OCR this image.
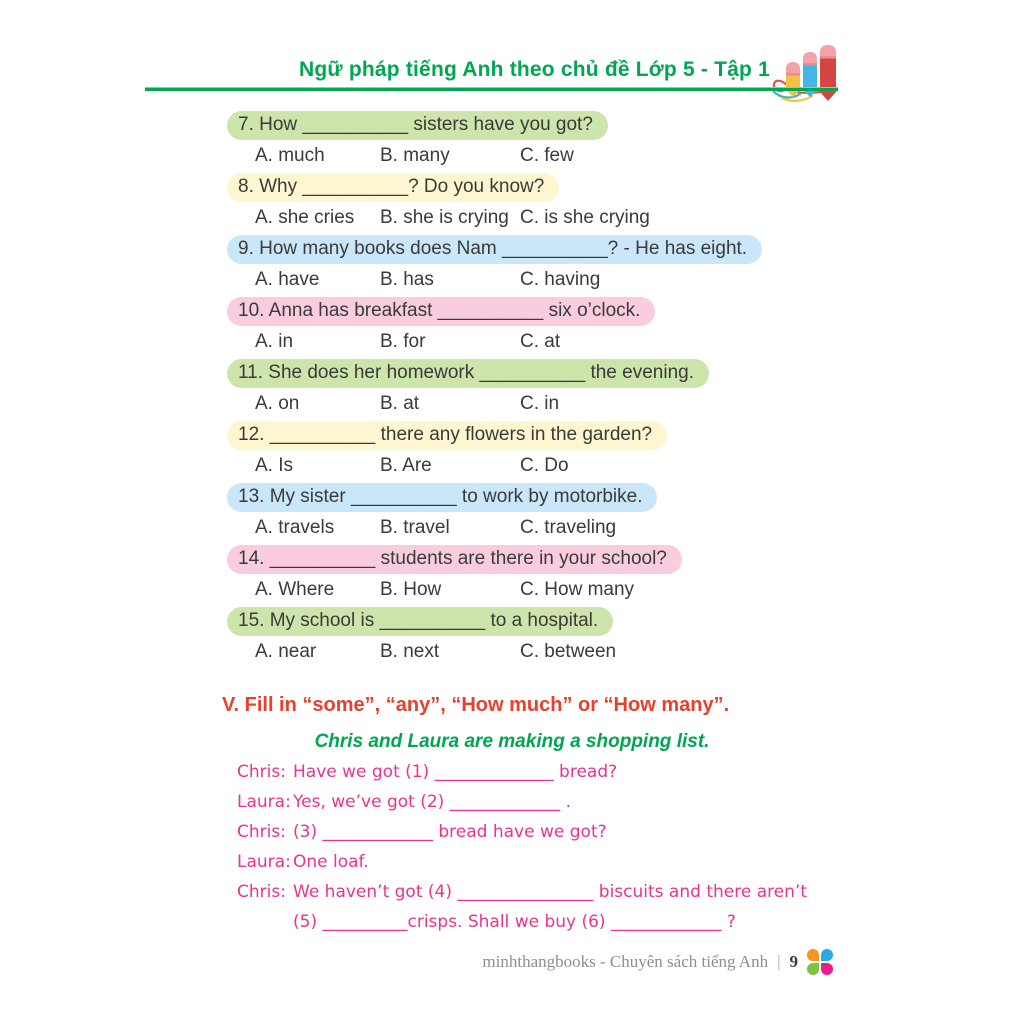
Ngữ pháp tiếng Anh theo chủ đề Lớp 5 - Tập 1
7. How __________ sisters have you got?
A. much	B. many	C. few
8. Why __________? Do you know?
A. she cries	B. she is crying C. is she crying
9. How many books does Nam __________? - He has eight.
A. have	B. has	C. having
10. Anna has breakfast __________ six o’clock.
A. in	B. for	C. at
11. She does her homework __________ the evening.
A. on	B. at	C. in
12. __________ there any flowers in the garden?
A. Is	B. Are	C. Do
13. My sister __________ to work by motorbike.
A. travels	B. travel	C. traveling
14. __________ students are there in your school?
A. Where	B. How	C. How many
15. My school is __________ to a hospital.
A. near	B. next	C. between
V. Fill in “some”, “any”, “How much” or “How many”.
Chris and Laura are making a shopping list.
Chris: Have we got (1) ______________ bread?
Laura: Yes, we’ve got (2) _____________ .
Chris: (3) _____________ bread have we got?
Laura: One loaf.
Chris: We haven’t got (4) ________________ biscuits and there aren’t
(5) __________crisps. Shall we buy (6) _____________ ?
minhthangbooks - Chuyên sách tiếng Anh | 9
